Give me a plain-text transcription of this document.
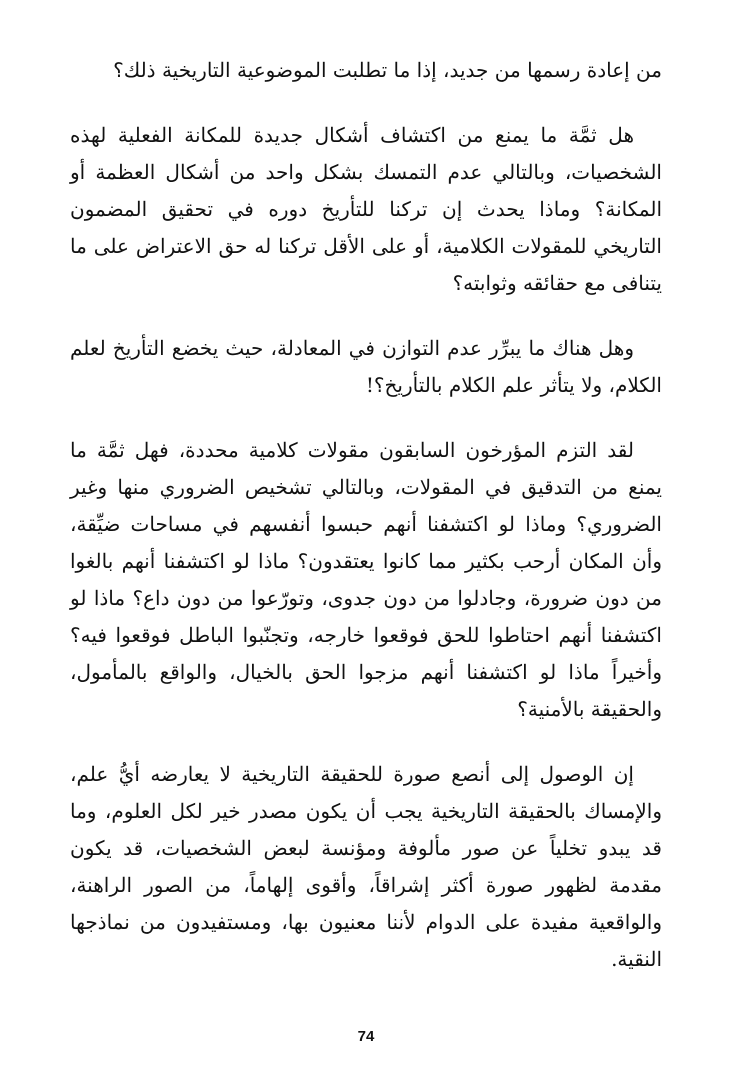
من إعادة رسمها من جديد، إذا ما تطلبت الموضوعية التاريخية ذلك؟

هل ثمَّة ما يمنع من اكتشاف أشكال جديدة للمكانة الفعلية لهذه الشخصيات، وبالتالي عدم التمسك بشكل واحد من أشكال العظمة أو المكانة؟ وماذا يحدث إن تركنا للتأريخ دوره في تحقيق المضمون التاريخي للمقولات الكلامية، أو على الأقل تركنا له حق الاعتراض على ما يتنافى مع حقائقه وثوابته؟

وهل هناك ما يبرِّر عدم التوازن في المعادلة، حيث يخضع التأريخ لعلم الكلام، ولا يتأثر علم الكلام بالتأريخ؟!

لقد التزم المؤرخون السابقون مقولات كلامية محددة، فهل ثمَّة ما يمنع من التدقيق في المقولات، وبالتالي تشخيص الضروري منها وغير الضروري؟ وماذا لو اكتشفنا أنهم حبسوا أنفسهم في مساحات ضيِّقة، وأن المكان أرحب بكثير مما كانوا يعتقدون؟ ماذا لو اكتشفنا أنهم بالغوا من دون ضرورة، وجادلوا من دون جدوى، وتورّعوا من دون داع؟ ماذا لو اكتشفنا أنهم احتاطوا للحق فوقعوا خارجه، وتجنّبوا الباطل فوقعوا فيه؟ وأخيراً ماذا لو اكتشفنا أنهم مزجوا الحق بالخيال، والواقع بالمأمول، والحقيقة بالأمنية؟

إن الوصول إلى أنصع صورة للحقيقة التاريخية لا يعارضه أيُّ علم، والإمساك بالحقيقة التاريخية يجب أن يكون مصدر خير لكل العلوم، وما قد يبدو تخلياً عن صور مألوفة ومؤنسة لبعض الشخصيات، قد يكون مقدمة لظهور صورة أكثر إشراقاً، وأقوى إلهاماً، من الصور الراهنة، والواقعية مفيدة على الدوام لأننا معنيون بها، ومستفيدون من نماذجها النقية.

74
